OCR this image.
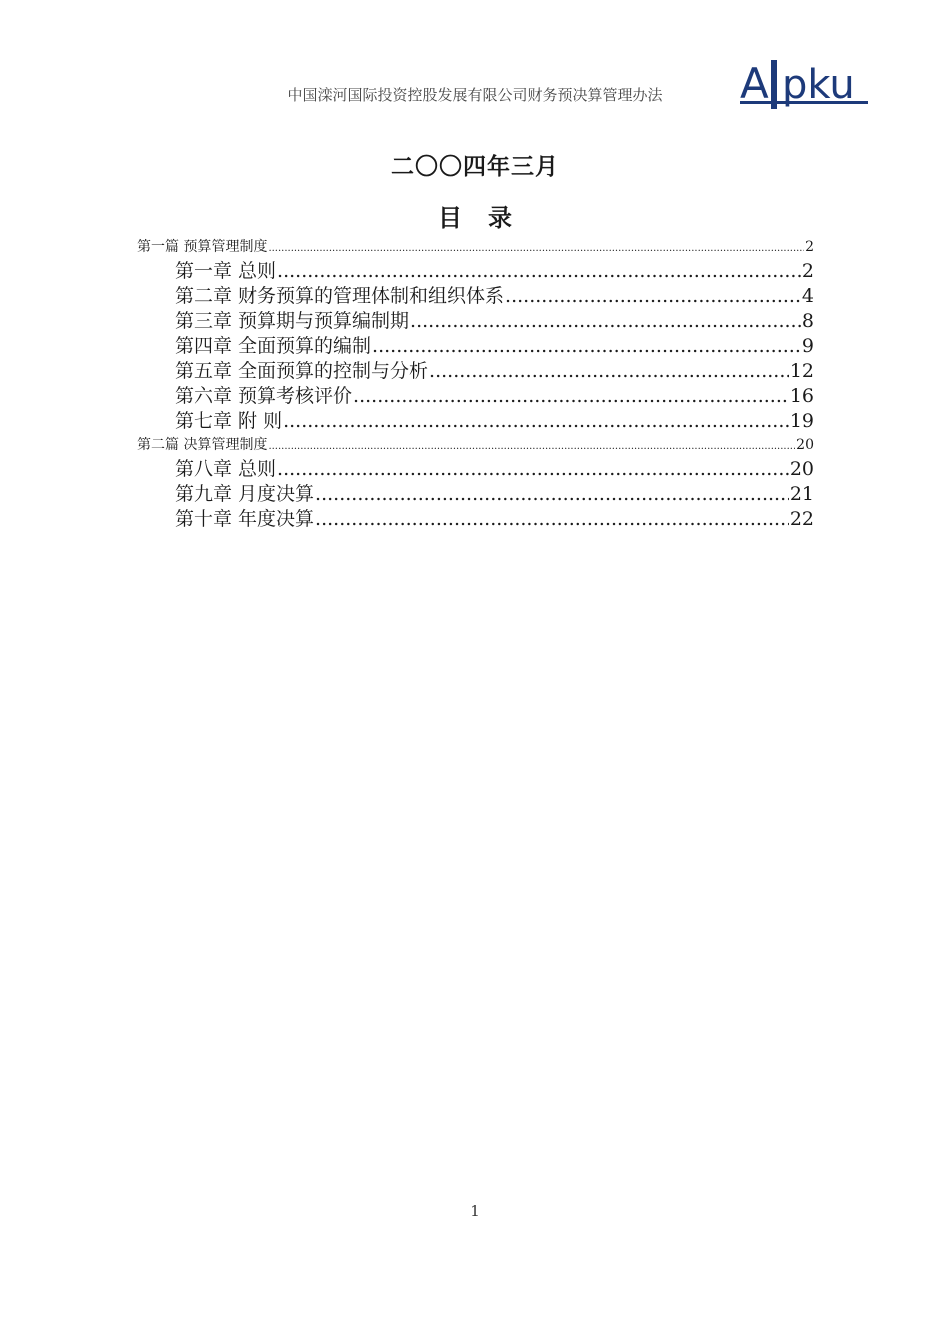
中国滦河国际投资控股发展有限公司财务预决算管理办法	A pku
二〇〇四年三月
目录
第一篇 预算管理制度 .....	2
第一章 总则 .....	2
第二章 财务预算的管理体制和组织体系 .....	4
第三章 预算期与预算编制期 .....	8
第四章 全面预算的编制 .....	9
第五章 全面预算的控制与分析 .....	12
第六章 预算考核评价 .....	16
第七章 附 则 .....	19
第二篇 决算管理制度 .....	20
第八章 总则 .....	20
第九章 月度决算 .....	21
第十章 年度决算 .....	22
1
